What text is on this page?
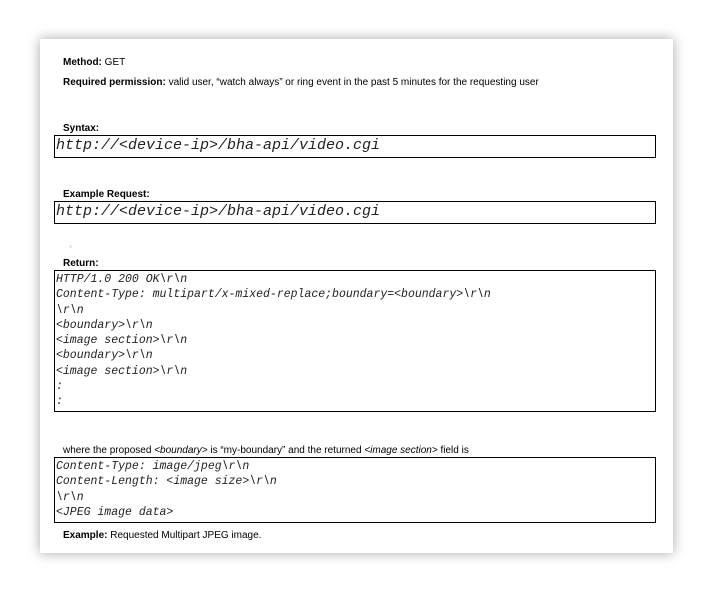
Method: GET
Required permission: valid user, “watch always” or ring event in the past 5 minutes for the requesting user
Syntax:
http://<device-ip>/bha-api/video.cgi
Example Request:
http://<device-ip>/bha-api/video.cgi
Return:
HTTP/1.0 200 OK\r\n
Content-Type: multipart/x-mixed-replace;boundary=<boundary>\r\n
\r\n
<boundary>\r\n
<image section>\r\n
<boundary>\r\n
<image section>\r\n
:
:
where the proposed <boundary> is “my-boundary” and the returned <image section> field is
Content-Type: image/jpeg\r\n
Content-Length: <image size>\r\n
\r\n
<JPEG image data>
Example: Requested Multipart JPEG image.
